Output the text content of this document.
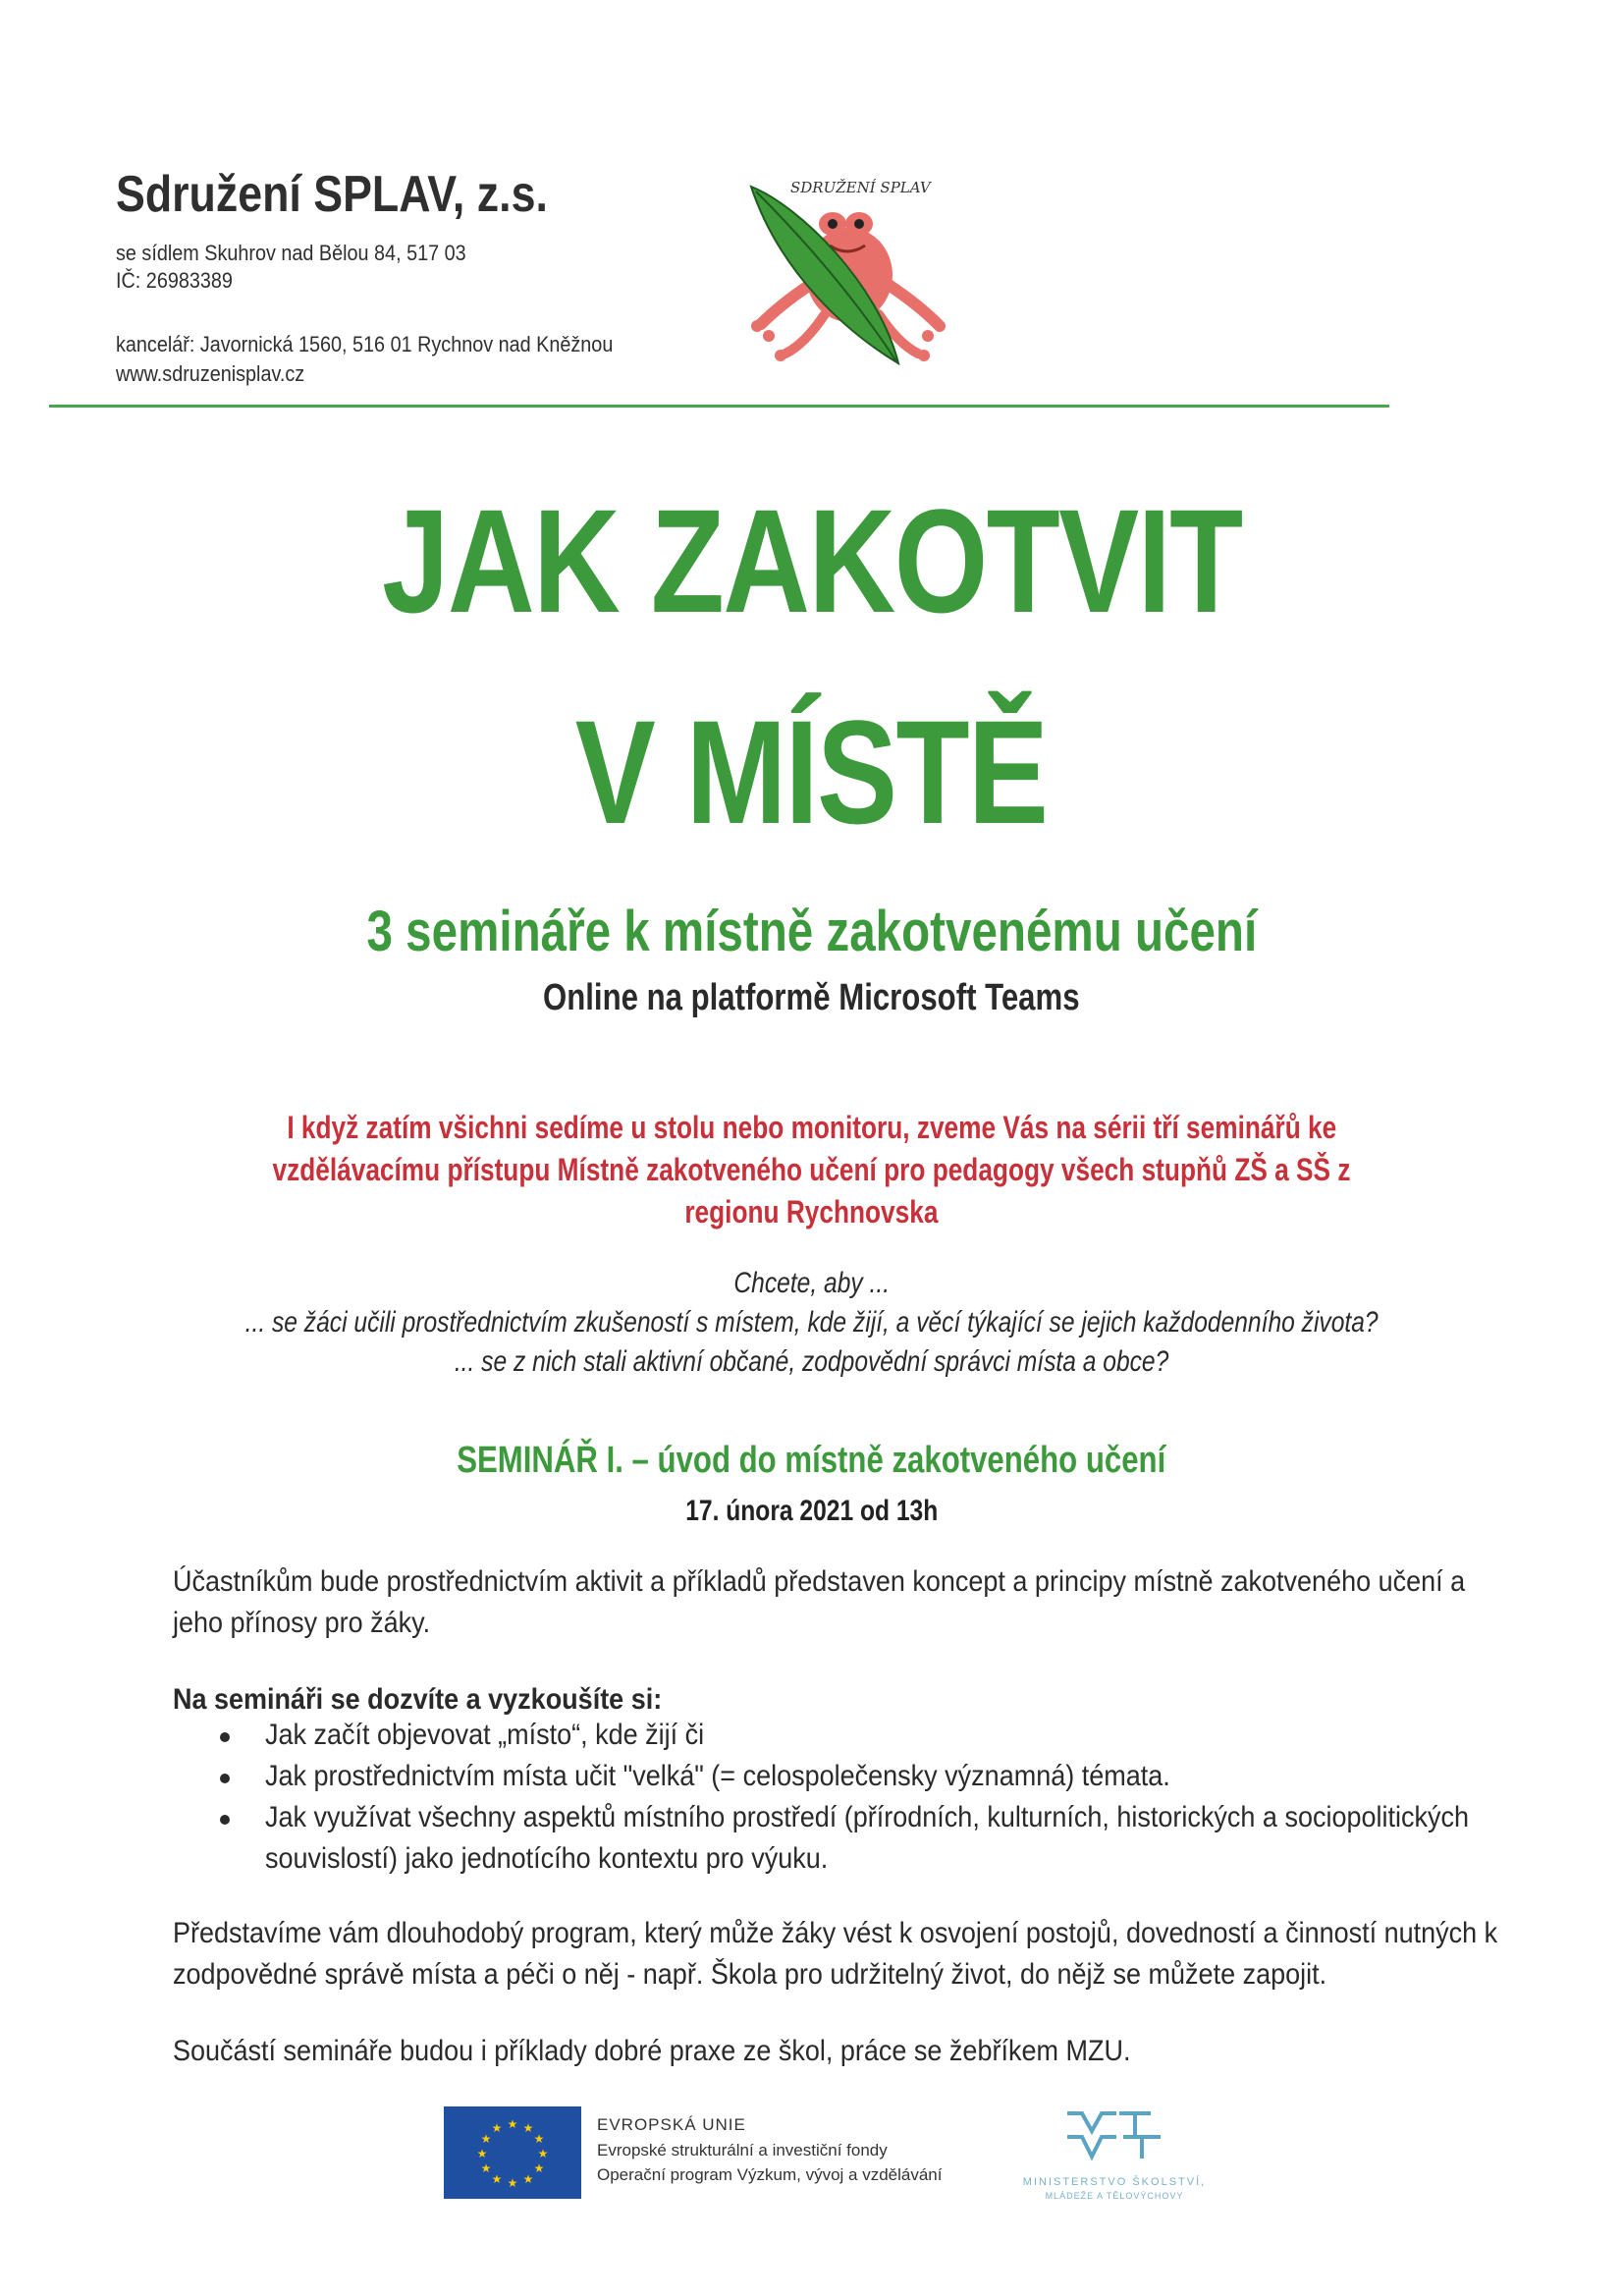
Sdružení SPLAV, z.s.
se sídlem Skuhrov nad Bělou 84, 517 03
IČ: 26983389
kancelář: Javornická 1560, 516 01 Rychnov nad Kněžnou
www.sdruzenisplav.cz
SDRUŽENÍ SPLAV
JAK ZAKOTVIT
V MÍSTĚ
3 semináře k místně zakotvenému učení
Online na platformě Microsoft Teams
I když zatím všichni sedíme u stolu nebo monitoru, zveme Vás na sérii tří seminářů ke
vzdělávacímu přístupu Místně zakotveného učení pro pedagogy všech stupňů ZŠ a SŠ z
regionu Rychnovska
Chcete, aby ...
... se žáci učili prostřednictvím zkušeností s místem, kde žijí, a věcí týkající se jejich každodenního života?
... se z nich stali aktivní občané, zodpovědní správci místa a obce?
SEMINÁŘ I. – úvod do místně zakotveného učení
17. února 2021 od 13h
Účastníkům bude prostřednictvím aktivit a příkladů představen koncept a principy místně zakotveného učení a
jeho přínosy pro žáky.
Na semináři se dozvíte a vyzkoušíte si:
Jak začít objevovat „místo“, kde žijí či
Jak prostřednictvím místa učit "velká" (= celospolečensky významná) témata.
Jak využívat všechny aspektů místního prostředí (přírodních, kulturních, historických a sociopolitických
souvislostí) jako jednotícího kontextu pro výuku.
Představíme vám dlouhodobý program, který může žáky vést k osvojení postojů, dovedností a činností nutných k
zodpovědné správě místa a péči o něj - např. Škola pro udržitelný život, do nějž se můžete zapojit.
Součástí semináře budou i příklady dobré praxe ze škol, práce se žebříkem MZU.
★ ★
★
★
★
★
★
★
★
★
★
★	EVROPSKÁ UNIE
Evropské strukturální a investiční fondy
Operační program Výzkum, vývoj a vzdělávání	MINISTERSTVO ŠKOLSTVÍ,
MLÁDEŽE A TĚLOVÝCHOVY
